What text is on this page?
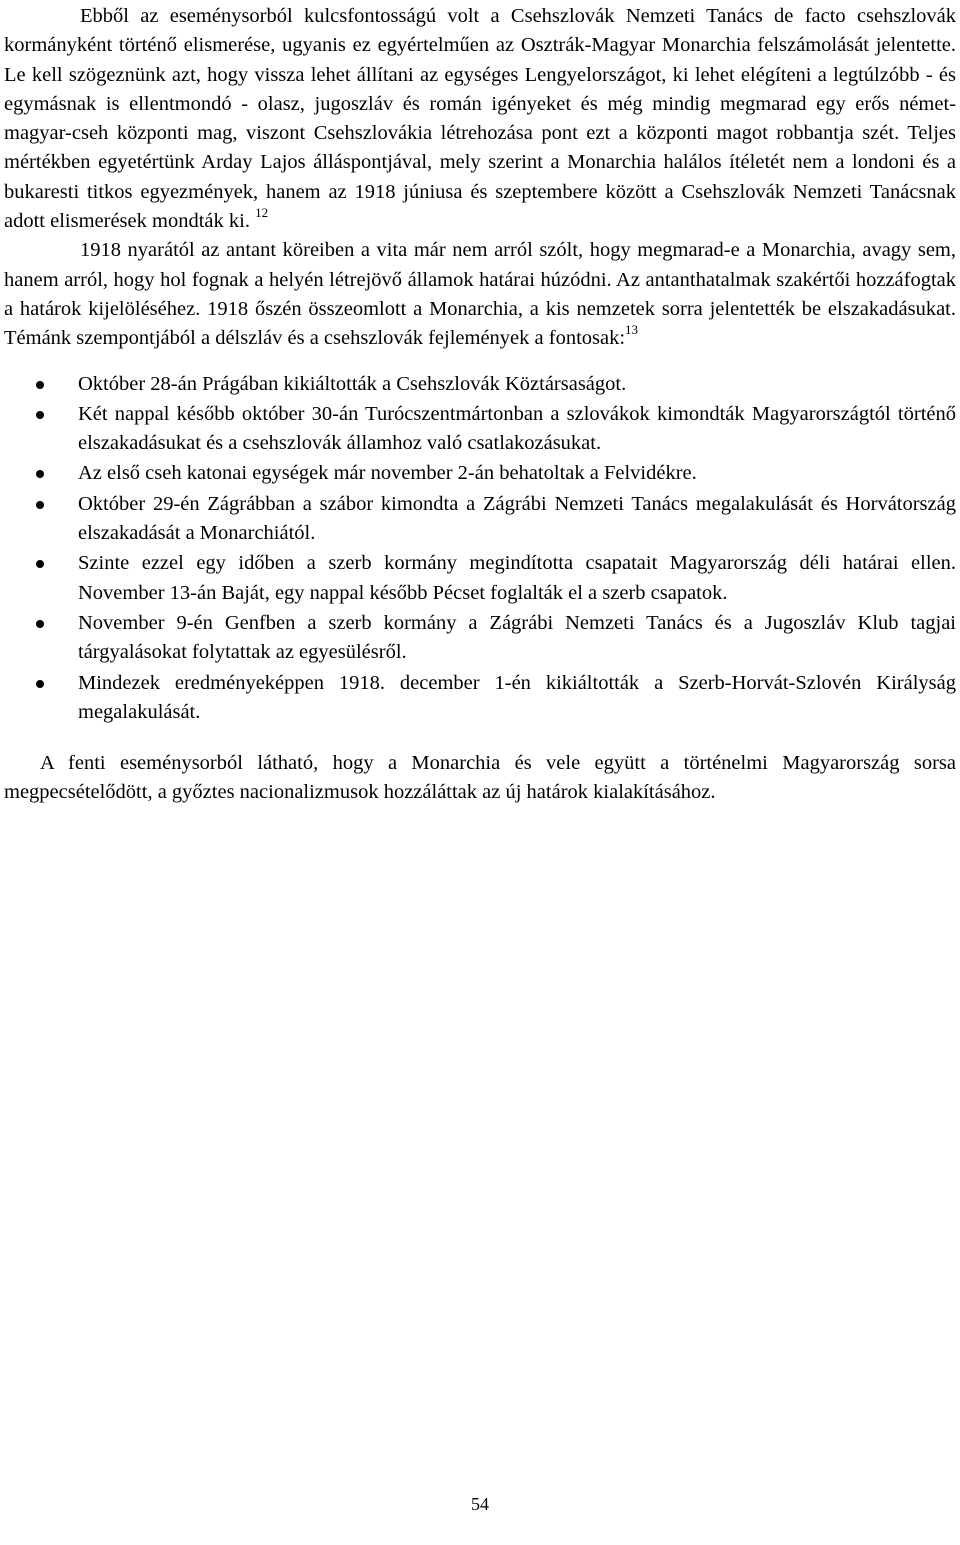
Ebből az eseménysorból kulcsfontosságú volt a Csehszlovák Nemzeti Tanács de facto csehszlovák kormányként történő elismerése, ugyanis ez egyértelműen az Osztrák-Magyar Monarchia felszámolását jelentette. Le kell szögeznünk azt, hogy vissza lehet állítani az egységes Lengyelországot, ki lehet elégíteni a legtúlzóbb - és egymásnak is ellentmondó - olasz, jugoszláv és román igényeket és még mindig megmarad egy erős német-magyar-cseh központi mag, viszont Csehszlovákia létrehozása pont ezt a központi magot robbantja szét. Teljes mértékben egyetértünk Arday Lajos álláspontjával, mely szerint a Monarchia halálos ítéletét nem a londoni és a bukaresti titkos egyezmények, hanem az 1918 júniusa és szeptembere között a Csehszlovák Nemzeti Tanácsnak adott elismerések mondták ki. $^{12}$

1918 nyarától az antant köreiben a vita már nem arról szólt, hogy megmarad-e a Monarchia, avagy sem, hanem arról, hogy hol fognak a helyén létrejövő államok határai húzódni. Az antanthatalmak szakértői hozzáfogtak a határok kijelöléséhez. 1918 őszén összeomlott a Monarchia, a kis nemzetek sorra jelentették be elszakadásukat. Témánk szempontjából a délszláv és a csehszlovák fejlemények a fontosak:$^{13}$

Október 28-án Prágában kikiáltották a Csehszlovák Köztársaságot.
Két nappal később október 30-án Turócszentmártonban a szlovákok kimondták Magyarországtól történő elszakadásukat és a csehszlovák államhoz való csatlakozásukat.
Az első cseh katonai egységek már november 2-án behatoltak a Felvidékre.
Október 29-én Zágrábban a szábor kimondta a Zágrábi Nemzeti Tanács megalakulását és Horvátország elszakadását a Monarchiától.
Szinte ezzel egy időben a szerb kormány megindította csapatait Magyarország déli határai ellen. November 13-án Baját, egy nappal később Pécset foglalták el a szerb csapatok.
November 9-én Genfben a szerb kormány a Zágrábi Nemzeti Tanács és a Jugoszláv Klub tagjai tárgyalásokat folytattak az egyesülésről.
Mindezek eredményeképpen 1918. december 1-én kikiáltották a Szerb-Horvát-Szlovén Királyság megalakulását.

A fenti eseménysorból látható, hogy a Monarchia és vele együtt a történelmi Magyarország sorsa megpecsételődött, a győztes nacionalizmusok hozzáláttak az új határok kialakításához.

54
